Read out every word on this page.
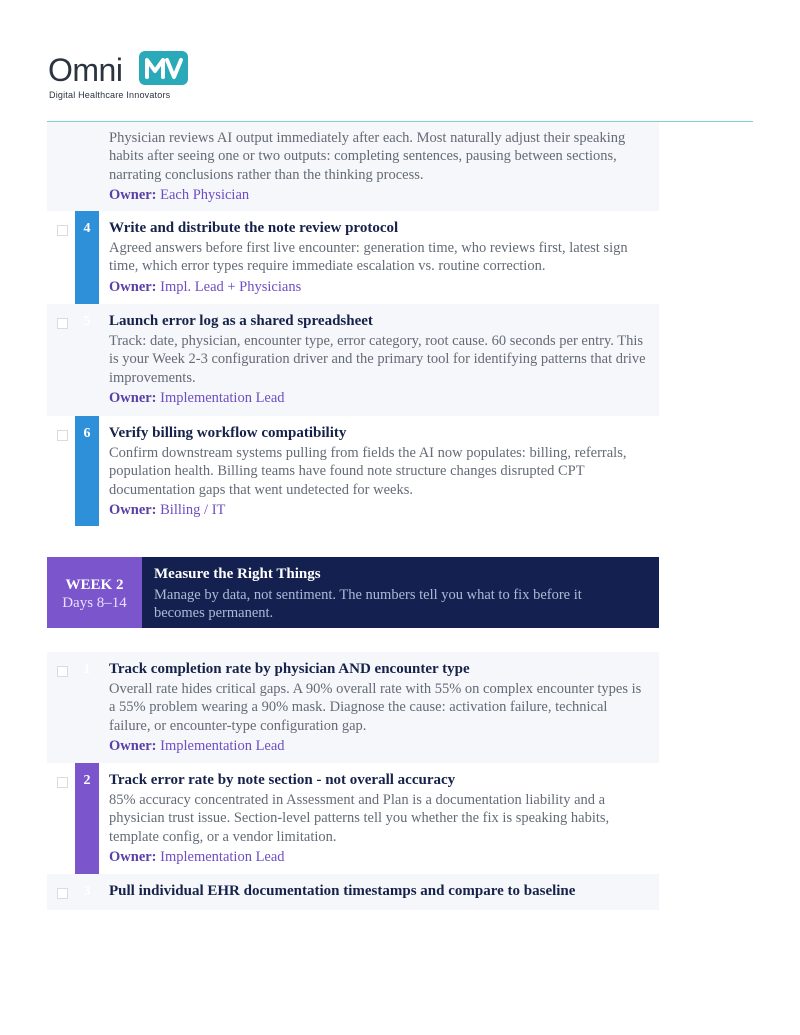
Omni
Digital Healthcare Innovators

Physician reviews AI output immediately after each. Most naturally adjust their speaking habits after seeing one or two outputs: completing sentences, pausing between sections, narrating conclusions rather than the thinking process.

Owner: Each Physician
4	Write and distribute the note review protocol

Agreed answers before first live encounter: generation time, who reviews first, latest sign time, which error types require immediate escalation vs. routine correction.

Owner: Impl. Lead + Physicians
5	Launch error log as a shared spreadsheet

Track: date, physician, encounter type, error category, root cause. 60 seconds per entry. This is your Week 2-3 configuration driver and the primary tool for identifying patterns that drive improvements.

Owner: Implementation Lead
6	Verify billing workflow compatibility

Confirm downstream systems pulling from fields the AI now populates: billing, referrals, population health. Billing teams have found note structure changes disrupted CPT documentation gaps that went undetected for weeks.

Owner: Billing / IT
WEEK 2
Days 8–14
Measure the Right Things
Manage by data, not sentiment. The numbers tell you what to fix before it becomes permanent.
1	Track completion rate by physician AND encounter type

Overall rate hides critical gaps. A 90% overall rate with 55% on complex encounter types is a 55% problem wearing a 90% mask. Diagnose the cause: activation failure, technical failure, or encounter-type configuration gap.

Owner: Implementation Lead
2	Track error rate by note section - not overall accuracy

85% accuracy concentrated in Assessment and Plan is a documentation liability and a physician trust issue. Section-level patterns tell you whether the fix is speaking habits, template config, or a vendor limitation.

Owner: Implementation Lead
3	Pull individual EHR documentation timestamps and compare to baseline
